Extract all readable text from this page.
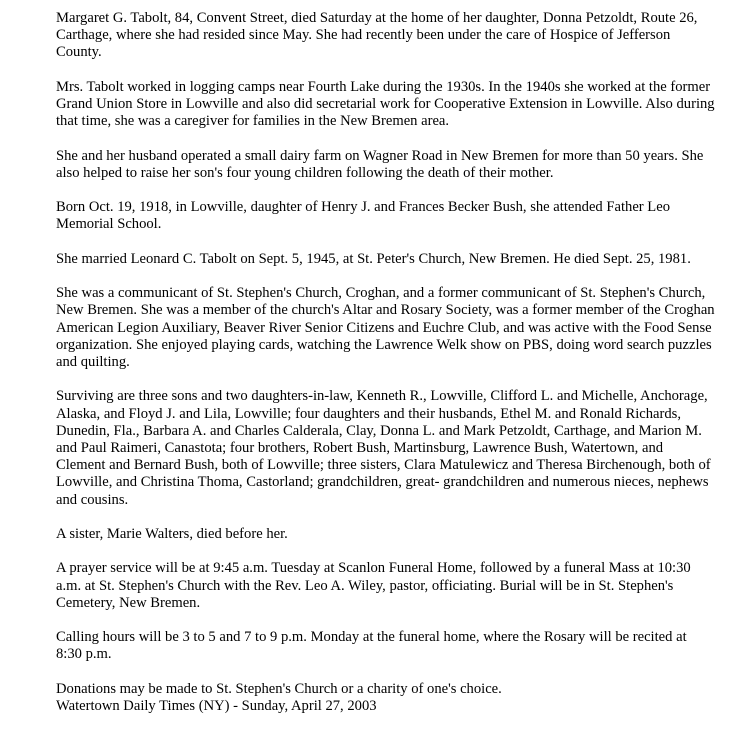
Margaret G. Tabolt, 84, Convent Street, died Saturday at the home of her daughter, Donna Petzoldt, Route 26, Carthage, where she had resided since May. She had recently been under the care of Hospice of Jefferson County.

Mrs. Tabolt worked in logging camps near Fourth Lake during the 1930s. In the 1940s she worked at the former Grand Union Store in Lowville and also did secretarial work for Cooperative Extension in Lowville. Also during that time, she was a caregiver for families in the New Bremen area.

She and her husband operated a small dairy farm on Wagner Road in New Bremen for more than 50 years. She also helped to raise her son's four young children following the death of their mother.

Born Oct. 19, 1918, in Lowville, daughter of Henry J. and Frances Becker Bush, she attended Father Leo Memorial School.

She married Leonard C. Tabolt on Sept. 5, 1945, at St. Peter's Church, New Bremen. He died Sept. 25, 1981.

She was a communicant of St. Stephen's Church, Croghan, and a former communicant of St. Stephen's Church, New Bremen. She was a member of the church's Altar and Rosary Society, was a former member of the Croghan American Legion Auxiliary, Beaver River Senior Citizens and Euchre Club, and was active with the Food Sense organization. She enjoyed playing cards, watching the Lawrence Welk show on PBS, doing word search puzzles and quilting.

Surviving are three sons and two daughters-in-law, Kenneth R., Lowville, Clifford L. and Michelle, Anchorage, Alaska, and Floyd J. and Lila, Lowville; four daughters and their husbands, Ethel M. and Ronald Richards, Dunedin, Fla., Barbara A. and Charles Calderala, Clay, Donna L. and Mark Petzoldt, Carthage, and Marion M. and Paul Raimeri, Canastota; four brothers, Robert Bush, Martinsburg, Lawrence Bush, Watertown, and Clement and Bernard Bush, both of Lowville; three sisters, Clara Matulewicz and Theresa Birchenough, both of Lowville, and Christina Thoma, Castorland; grandchildren, great- grandchildren and numerous nieces, nephews and cousins.

A sister, Marie Walters, died before her.

A prayer service will be at 9:45 a.m. Tuesday at Scanlon Funeral Home, followed by a funeral Mass at 10:30 a.m. at St. Stephen's Church with the Rev. Leo A. Wiley, pastor, officiating. Burial will be in St. Stephen's Cemetery, New Bremen.

Calling hours will be 3 to 5 and 7 to 9 p.m. Monday at the funeral home, where the Rosary will be recited at 8:30 p.m.

Donations may be made to St. Stephen's Church or a charity of one's choice.

Watertown Daily Times (NY) - Sunday, April 27, 2003
